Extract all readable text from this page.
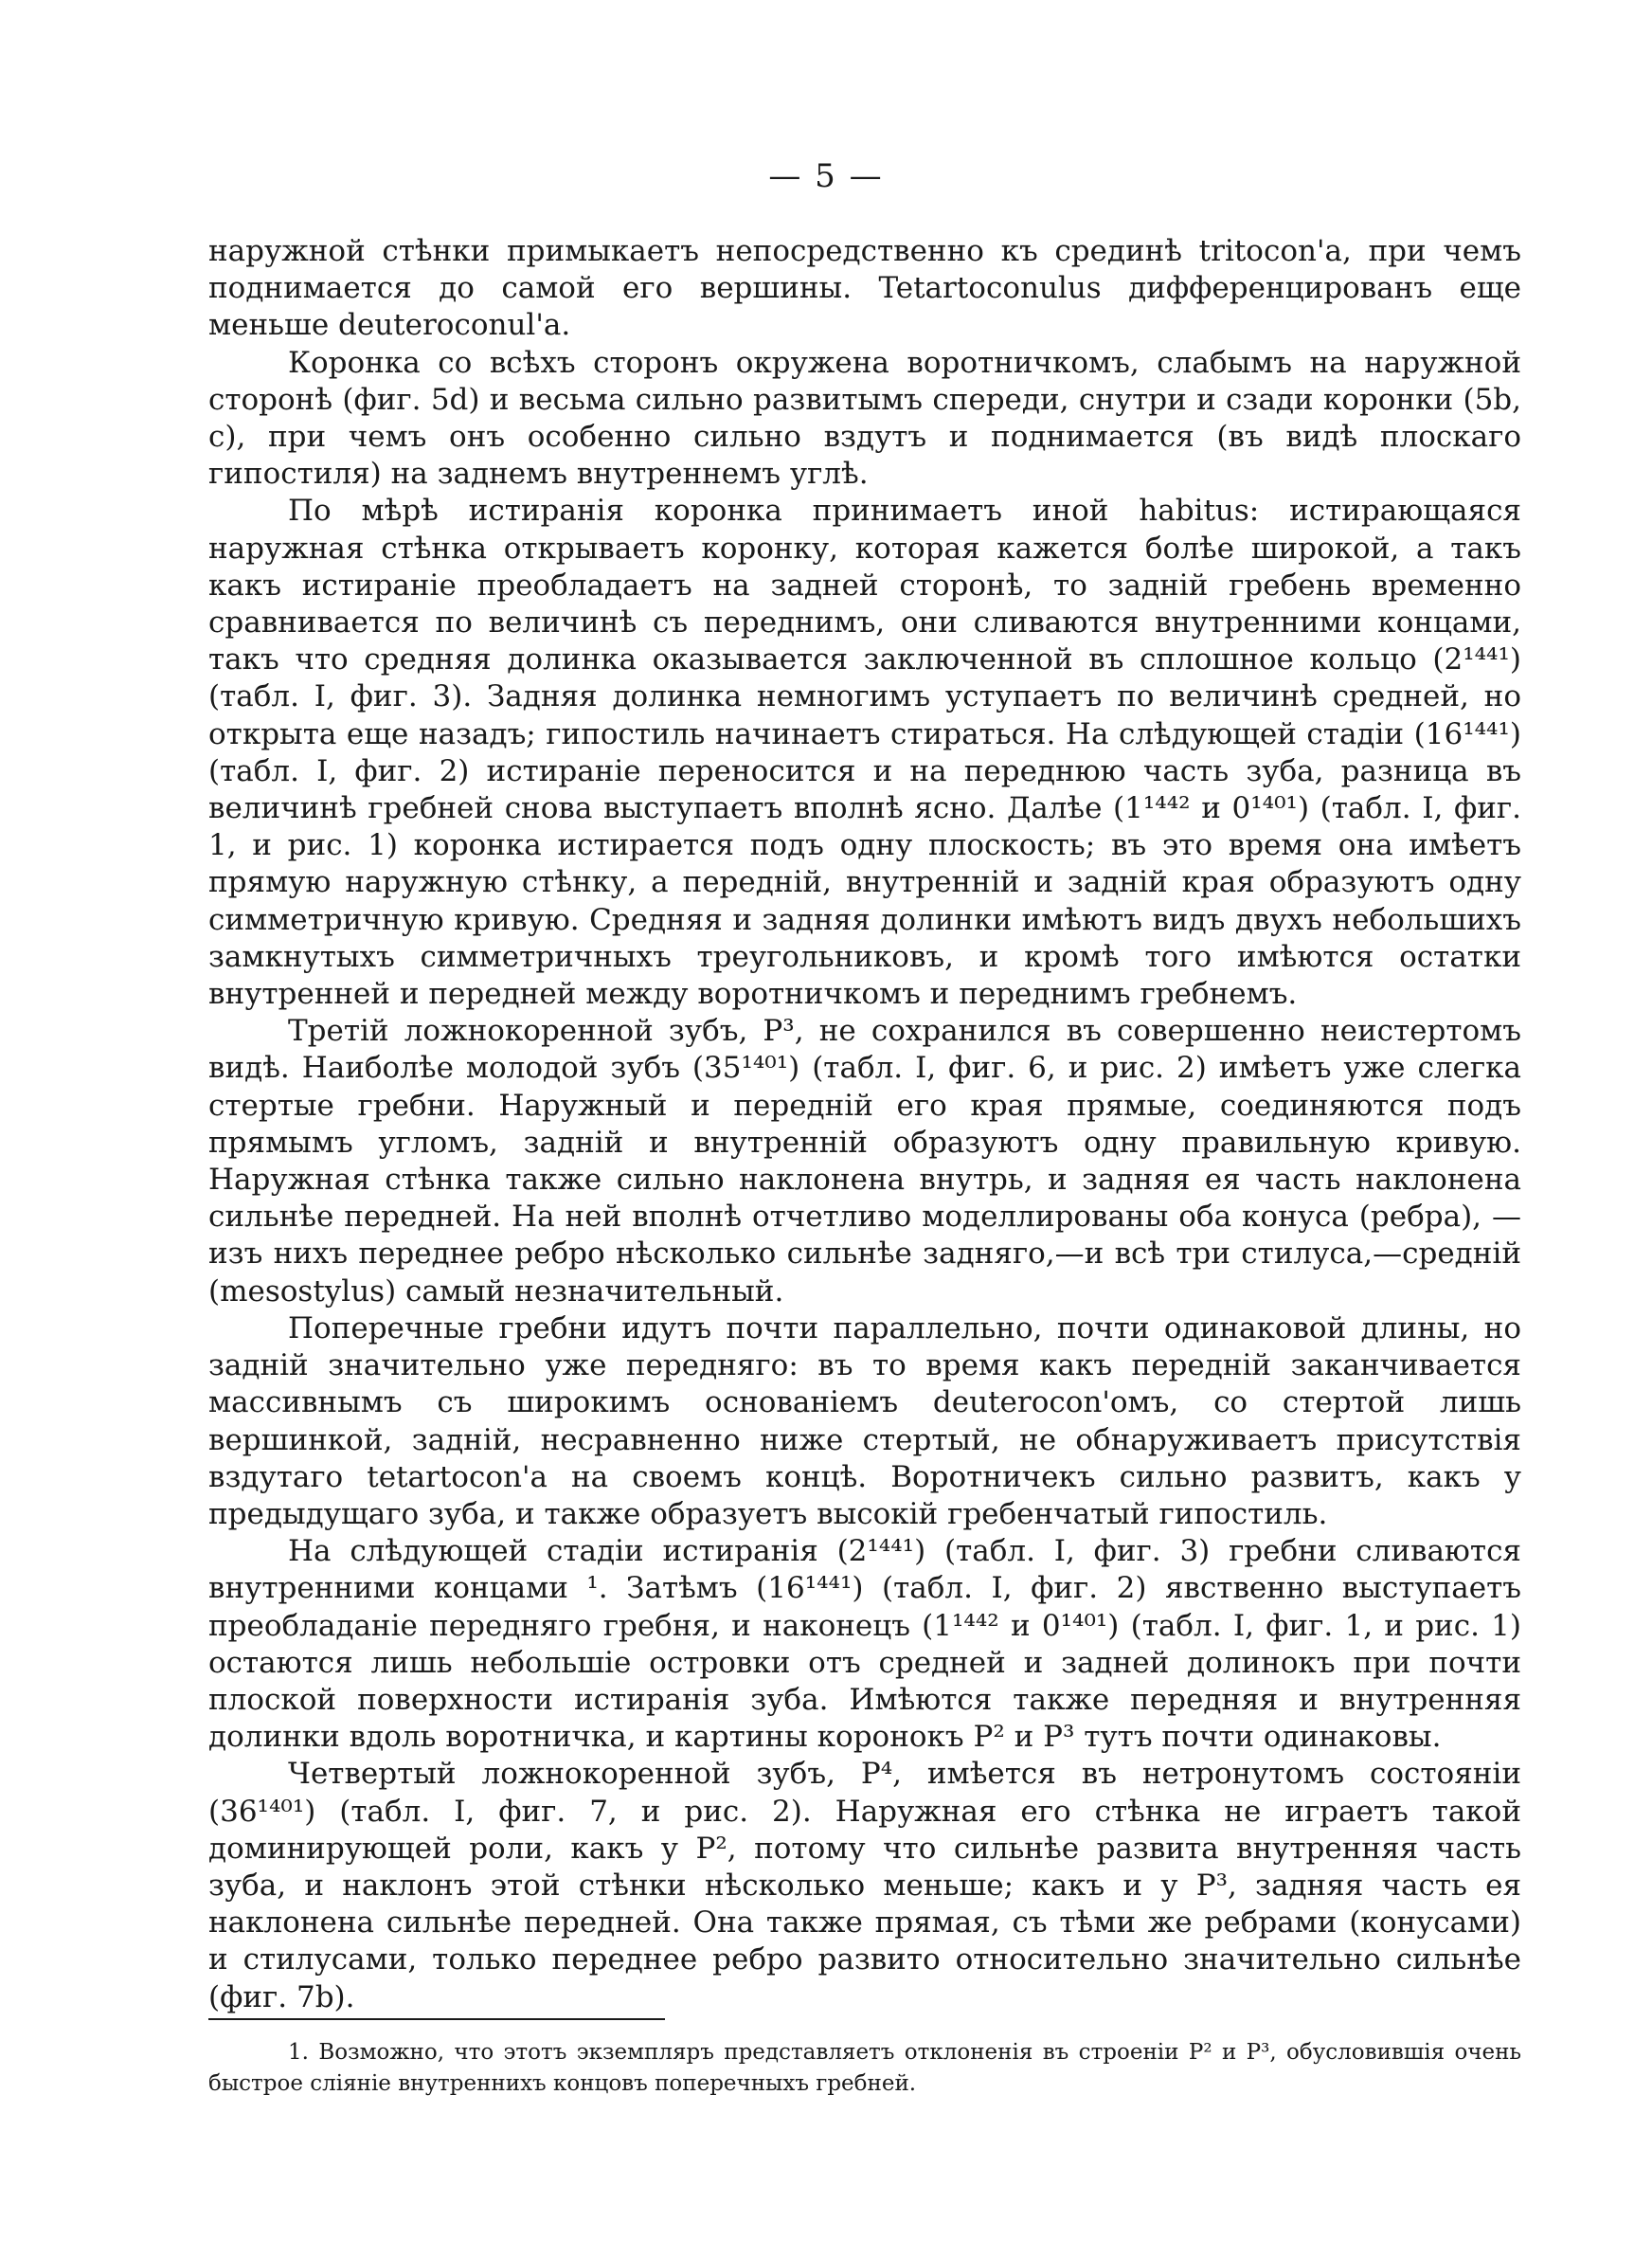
— 5 —

наружной стѣнки примыкаетъ непосредственно къ срединѣ tritocon'а, при чемъ поднимается до самой его вершины. Tetartoconulus дифференцированъ еще меньше deuteroconul'а.

Коронка со всѣхъ сторонъ окружена воротничкомъ, слабымъ на наружной сторонѣ (фиг. 5d) и весьма сильно развитымъ спереди, снутри и сзади коронки (5b, c), при чемъ онъ особенно сильно вздутъ и поднимается (въ видѣ плоскаго гипостиля) на заднемъ внутреннемъ углѣ.

По мѣрѣ истиранія коронка принимаетъ иной habitus: истирающаяся наружная стѣнка открываетъ коронку, которая кажется болѣе широкой, а такъ какъ истираніе преобладаетъ на задней сторонѣ, то задній гребень временно сравнивается по величинѣ съ переднимъ, они сливаются внутренними концами, такъ что средняя долинка оказывается заключенной въ сплошное кольцо (2¹⁴⁴¹) (табл. I, фиг. 3). Задняя долинка немногимъ уступаетъ по величинѣ средней, но открыта еще назадъ; гипостиль начинаетъ стираться. На слѣдующей стадіи (16¹⁴⁴¹) (табл. I, фиг. 2) истираніе переносится и на переднюю часть зуба, разница въ величинѣ гребней снова выступаетъ вполнѣ ясно. Далѣе (1¹⁴⁴² и 0¹⁴⁰¹) (табл. I, фиг. 1, и рис. 1) коронка истирается подъ одну плоскость; въ это время она имѣетъ прямую наружную стѣнку, а передній, внутренній и задній края образуютъ одну симметричную кривую. Средняя и задняя долинки имѣютъ видъ двухъ небольшихъ замкнутыхъ симметричныхъ треугольниковъ, и кромѣ того имѣются остатки внутренней и передней между воротничкомъ и переднимъ гребнемъ.

Третій ложнокоренной зубъ, P³, не сохранился въ совершенно неистертомъ видѣ. Наиболѣе молодой зубъ (35¹⁴⁰¹) (табл. I, фиг. 6, и рис. 2) имѣетъ уже слегка стертые гребни. Наружный и передній его края прямые, соединяются подъ прямымъ угломъ, задній и внутренній образуютъ одну правильную кривую. Наружная стѣнка также сильно наклонена внутрь, и задняя ея часть наклонена сильнѣе передней. На ней вполнѣ отчетливо моделлированы оба конуса (ребра), — изъ нихъ переднее ребро нѣсколько сильнѣе задняго,—и всѣ три стилуса,—средній (mesostylus) самый незначительный.

Поперечные гребни идутъ почти параллельно, почти одинаковой длины, но задній значительно уже передняго: въ то время какъ передній заканчивается массивнымъ съ широкимъ основаніемъ deuterocon'омъ, со стертой лишь вершинкой, задній, несравненно ниже стертый, не обнаруживаетъ присутствія вздутаго tetartocon'а на своемъ концѣ. Воротничекъ сильно развитъ, какъ у предыдущаго зуба, и также образуетъ высокій гребенчатый гипостиль.

На слѣдующей стадіи истиранія (2¹⁴⁴¹) (табл. I, фиг. 3) гребни сливаются внутренними концами ¹. Затѣмъ (16¹⁴⁴¹) (табл. I, фиг. 2) явственно выступаетъ преобладаніе передняго гребня, и наконецъ (1¹⁴⁴² и 0¹⁴⁰¹) (табл. I, фиг. 1, и рис. 1) остаются лишь небольшіе островки отъ средней и задней долинокъ при почти плоской поверхности истиранія зуба. Имѣются также передняя и внутренняя долинки вдоль воротничка, и картины коронокъ P² и P³ тутъ почти одинаковы.

Четвертый ложнокоренной зубъ, P⁴, имѣется въ нетронутомъ состояніи (36¹⁴⁰¹) (табл. I, фиг. 7, и рис. 2). Наружная его стѣнка не играетъ такой доминирующей роли, какъ у P², потому что сильнѣе развита внутренняя часть зуба, и наклонъ этой стѣнки нѣсколько меньше; какъ и у P³, задняя часть ея наклонена сильнѣе передней. Она также прямая, съ тѣми же ребрами (конусами) и стилусами, только переднее ребро развито относительно значительно сильнѣе (фиг. 7b).

1. Возможно, что этотъ экземпляръ представляетъ отклоненія въ строеніи P² и P³, обусловившія очень быстрое сліяніе внутреннихъ концовъ поперечныхъ гребней.
